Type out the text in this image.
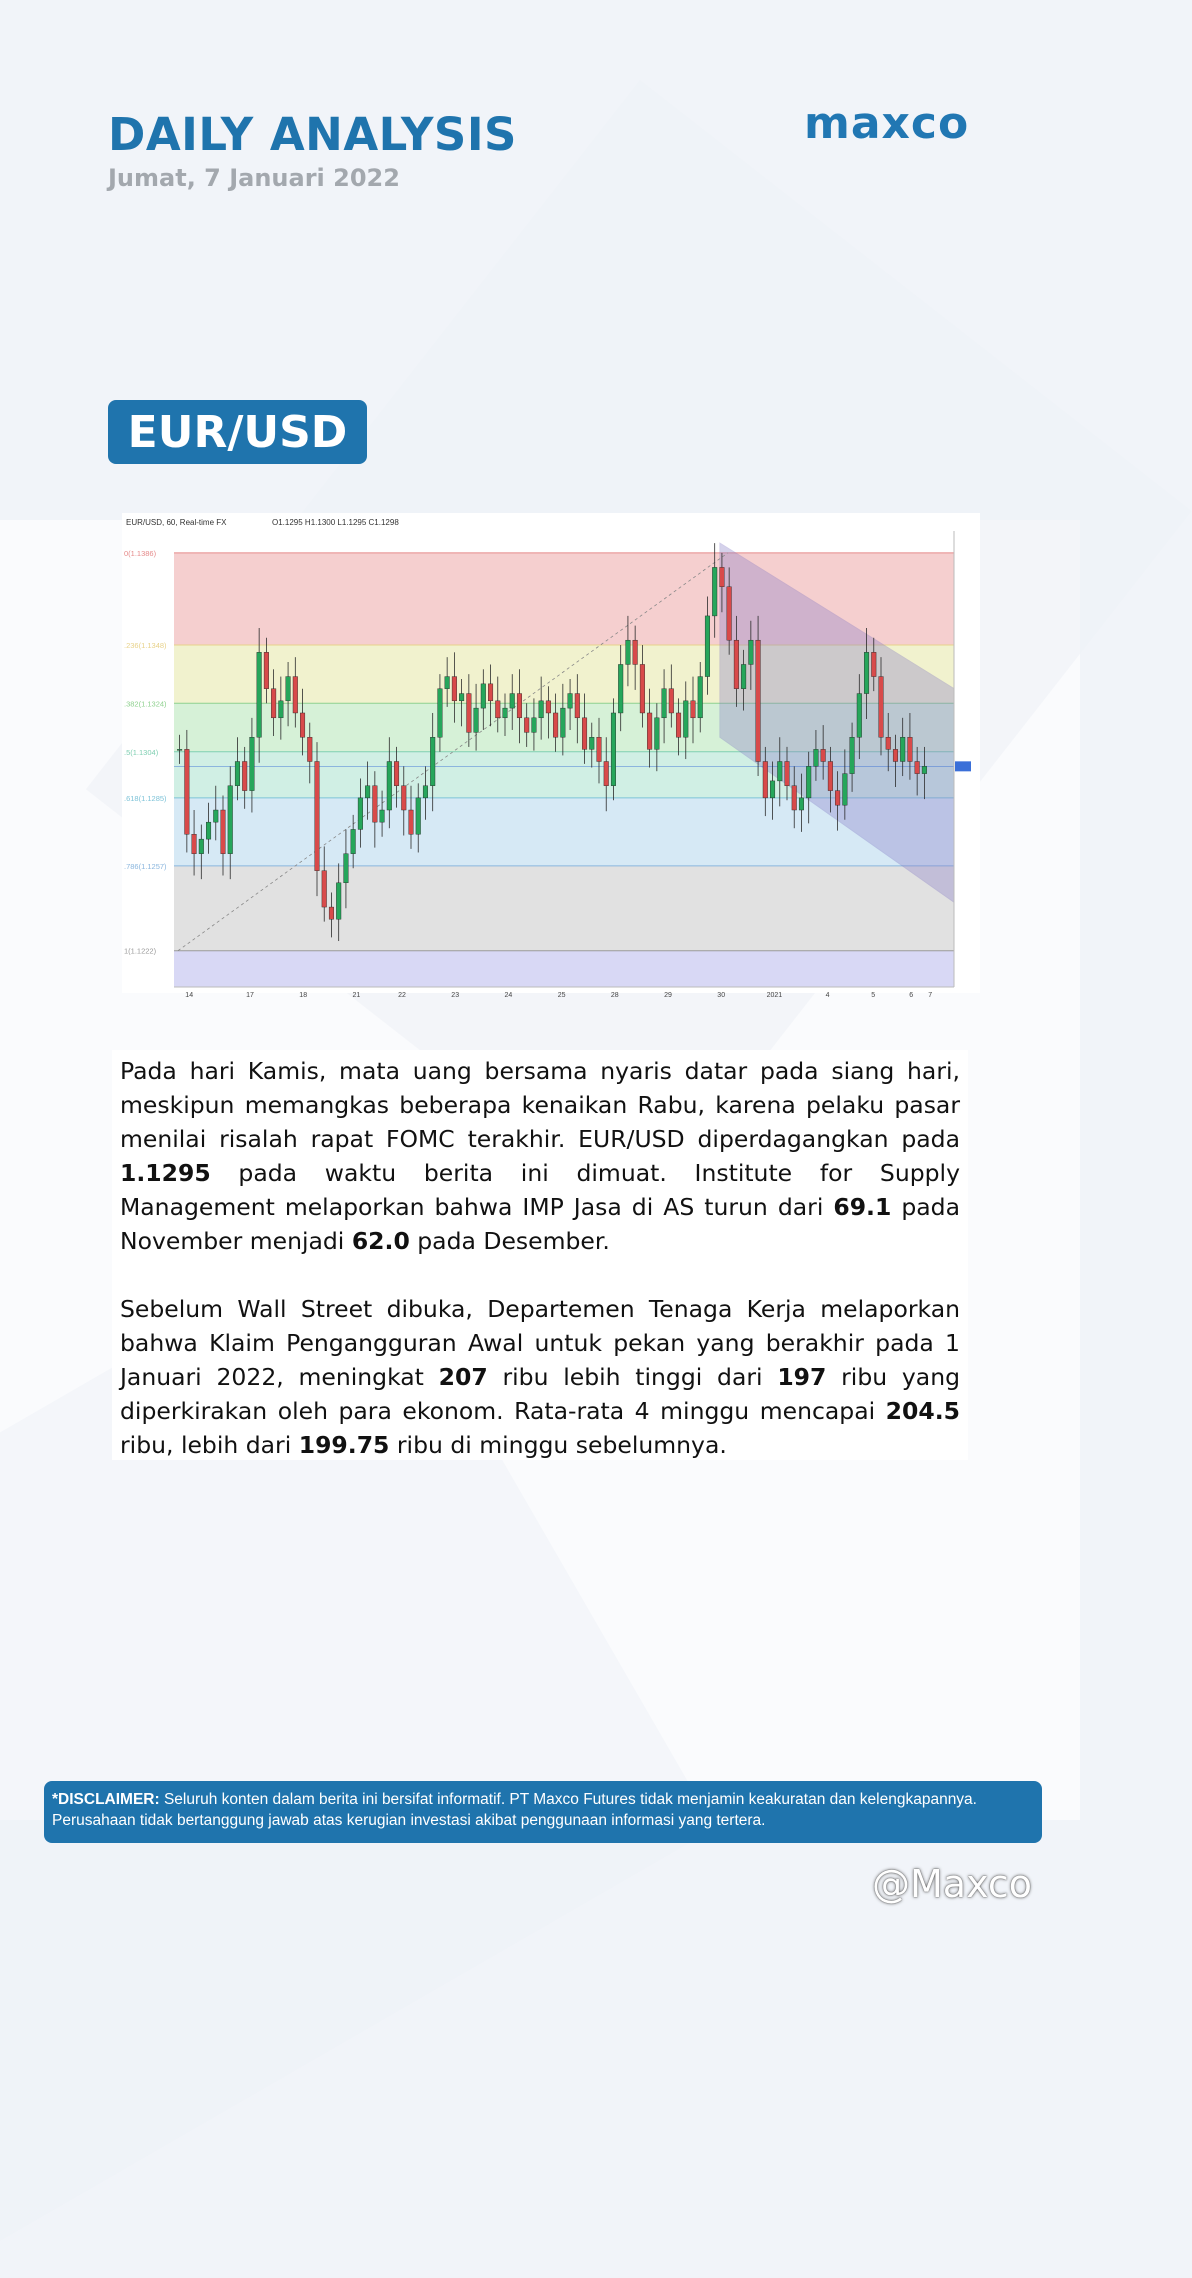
DAILY ANALYSIS
Jumat, 7 Januari 2022
maxco
EUR/USD
0(1.1386)
.236(1.1348)
.382(1.1324)
.5(1.1304)
.618(1.1285)
.786(1.1257)
1(1.1222)
EUR/USD, 60, Real-time FX	O1.1295 H1.1300 L1.1295 C1.1298
14	17	18	21	22	23	24	25	28	29	30	2021	4	5	6 7

Pada hari Kamis, mata uang bersama nyaris datar pada siang hari, meskipun memangkas beberapa kenaikan Rabu, karena pelaku pasar menilai risalah rapat FOMC terakhir. EUR/USD diperdagangkan pada 1.1295 pada waktu berita ini dimuat. Institute for Supply Management melaporkan bahwa IMP Jasa di AS turun dari 69.1 pada November menjadi 62.0 pada Desember.

Sebelum Wall Street dibuka, Departemen Tenaga Kerja melaporkan bahwa Klaim Pengangguran Awal untuk pekan yang berakhir pada 1 Januari 2022, meningkat 207 ribu lebih tinggi dari 197 ribu yang diperkirakan oleh para ekonom. Rata-rata 4 minggu mencapai 204.5 ribu, lebih dari 199.75 ribu di minggu sebelumnya.

*DISCLAIMER: Seluruh konten dalam berita ini bersifat informatif. PT Maxco Futures tidak menjamin keakuratan dan kelengkapannya. Perusahaan tidak bertanggung jawab atas kerugian investasi akibat penggunaan informasi yang tertera.
@Maxco
